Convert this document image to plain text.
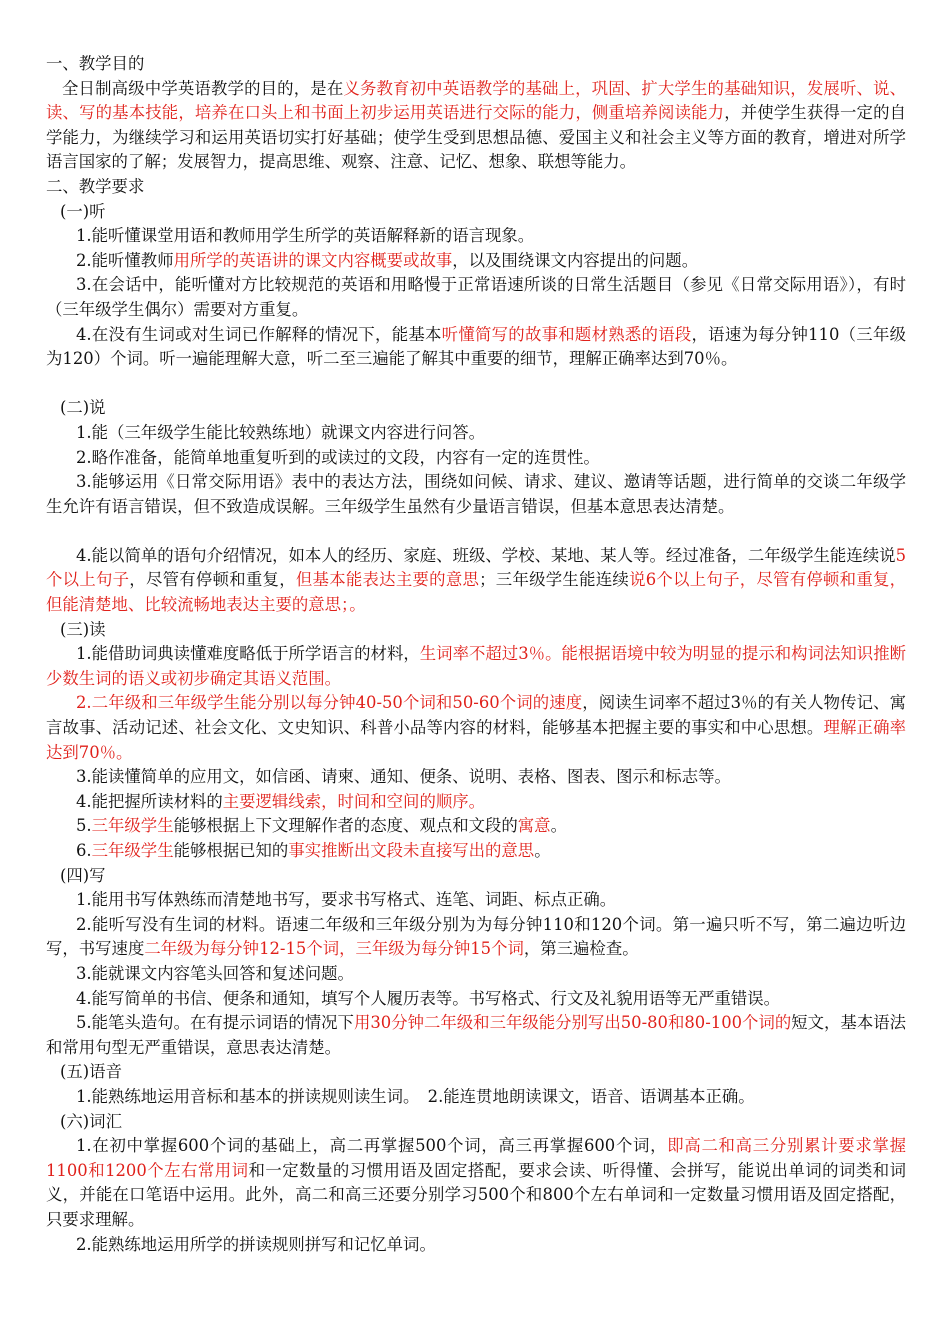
一、教学目的
全日制高级中学英语教学的目的，是在义务教育初中英语教学的基础上，巩固、扩大学生的基础知识，发展听、说、读、写的基本技能，培养在口头上和书面上初步运用英语进行交际的能力，侧重培养阅读能力，并使学生获得一定的自学能力，为继续学习和运用英语切实打好基础；使学生受到思想品德、爱国主义和社会主义等方面的教育，增进对所学语言国家的了解；发展智力，提高思维、观察、注意、记忆、想象、联想等能力。
二、教学要求
(一)听
1.能听懂课堂用语和教师用学生所学的英语解释新的语言现象。
2.能听懂教师用所学的英语讲的课文内容概要或故事，以及围绕课文内容提出的问题。
3.在会话中，能听懂对方比较规范的英语和用略慢于正常语速所谈的日常生活题目（参见《日常交际用语》），有时（三年级学生偶尔）需要对方重复。
4.在没有生词或对生词已作解释的情况下，能基本听懂简写的故事和题材熟悉的语段，语速为每分钟110（三年级为120）个词。听一遍能理解大意，听二至三遍能了解其中重要的细节，理解正确率达到70％。
(二)说
1.能（三年级学生能比较熟练地）就课文内容进行问答。
2.略作准备，能简单地重复听到的或读过的文段，内容有一定的连贯性。
3.能够运用《日常交际用语》表中的表达方法，围绕如问候、请求、建议、邀请等话题，进行简单的交谈二年级学生允许有语言错误，但不致造成误解。三年级学生虽然有少量语言错误，但基本意思表达清楚。
4.能以简单的语句介绍情况，如本人的经历、家庭、班级、学校、某地、某人等。经过准备，二年级学生能连续说5个以上句子，尽管有停顿和重复，但基本能表达主要的意思；三年级学生能连续说6个以上句子，尽管有停顿和重复，但能清楚地、比较流畅地表达主要的意思；。
(三)读
1.能借助词典读懂难度略低于所学语言的材料，生词率不超过3％。能根据语境中较为明显的提示和构词法知识推断少数生词的语义或初步确定其语义范围。
2.二年级和三年级学生能分别以每分钟40-50个词和50-60个词的速度，阅读生词率不超过3％的有关人物传记、寓言故事、活动记述、社会文化、文史知识、科普小品等内容的材料，能够基本把握主要的事实和中心思想。理解正确率达到70％。
3.能读懂简单的应用文，如信函、请柬、通知、便条、说明、表格、图表、图示和标志等。
4.能把握所读材料的主要逻辑线索，时间和空间的顺序。
5.三年级学生能够根据上下文理解作者的态度、观点和文段的寓意。
6.三年级学生能够根据已知的事实推断出文段未直接写出的意思。
(四)写
1.能用书写体熟练而清楚地书写，要求书写格式、连笔、词距、标点正确。
2.能听写没有生词的材料。语速二年级和三年级分别为为每分钟110和120个词。第一遍只听不写，第二遍边听边写，书写速度二年级为每分钟12-15个词，三年级为每分钟15个词，第三遍检查。
3.能就课文内容笔头回答和复述问题。
4.能写简单的书信、便条和通知，填写个人履历表等。书写格式、行文及礼貌用语等无严重错误。
5.能笔头造句。在有提示词语的情况下用30分钟二年级和三年级能分别写出50-80和80-100个词的短文，基本语法和常用句型无严重错误，意思表达清楚。
(五)语音
1.能熟练地运用音标和基本的拼读规则读生词。　2.能连贯地朗读课文，语音、语调基本正确。
(六)词汇
1.在初中掌握600个词的基础上，高二再掌握500个词，高三再掌握600个词，即高二和高三分别累计要求掌握1100和1200个左右常用词和一定数量的习惯用语及固定搭配，要求会读、听得懂、会拼写，能说出单词的词类和词义，并能在口笔语中运用。此外，高二和高三还要分别学习500个和800个左右单词和一定数量习惯用语及固定搭配，只要求理解。
2.能熟练地运用所学的拼读规则拼写和记忆单词。
